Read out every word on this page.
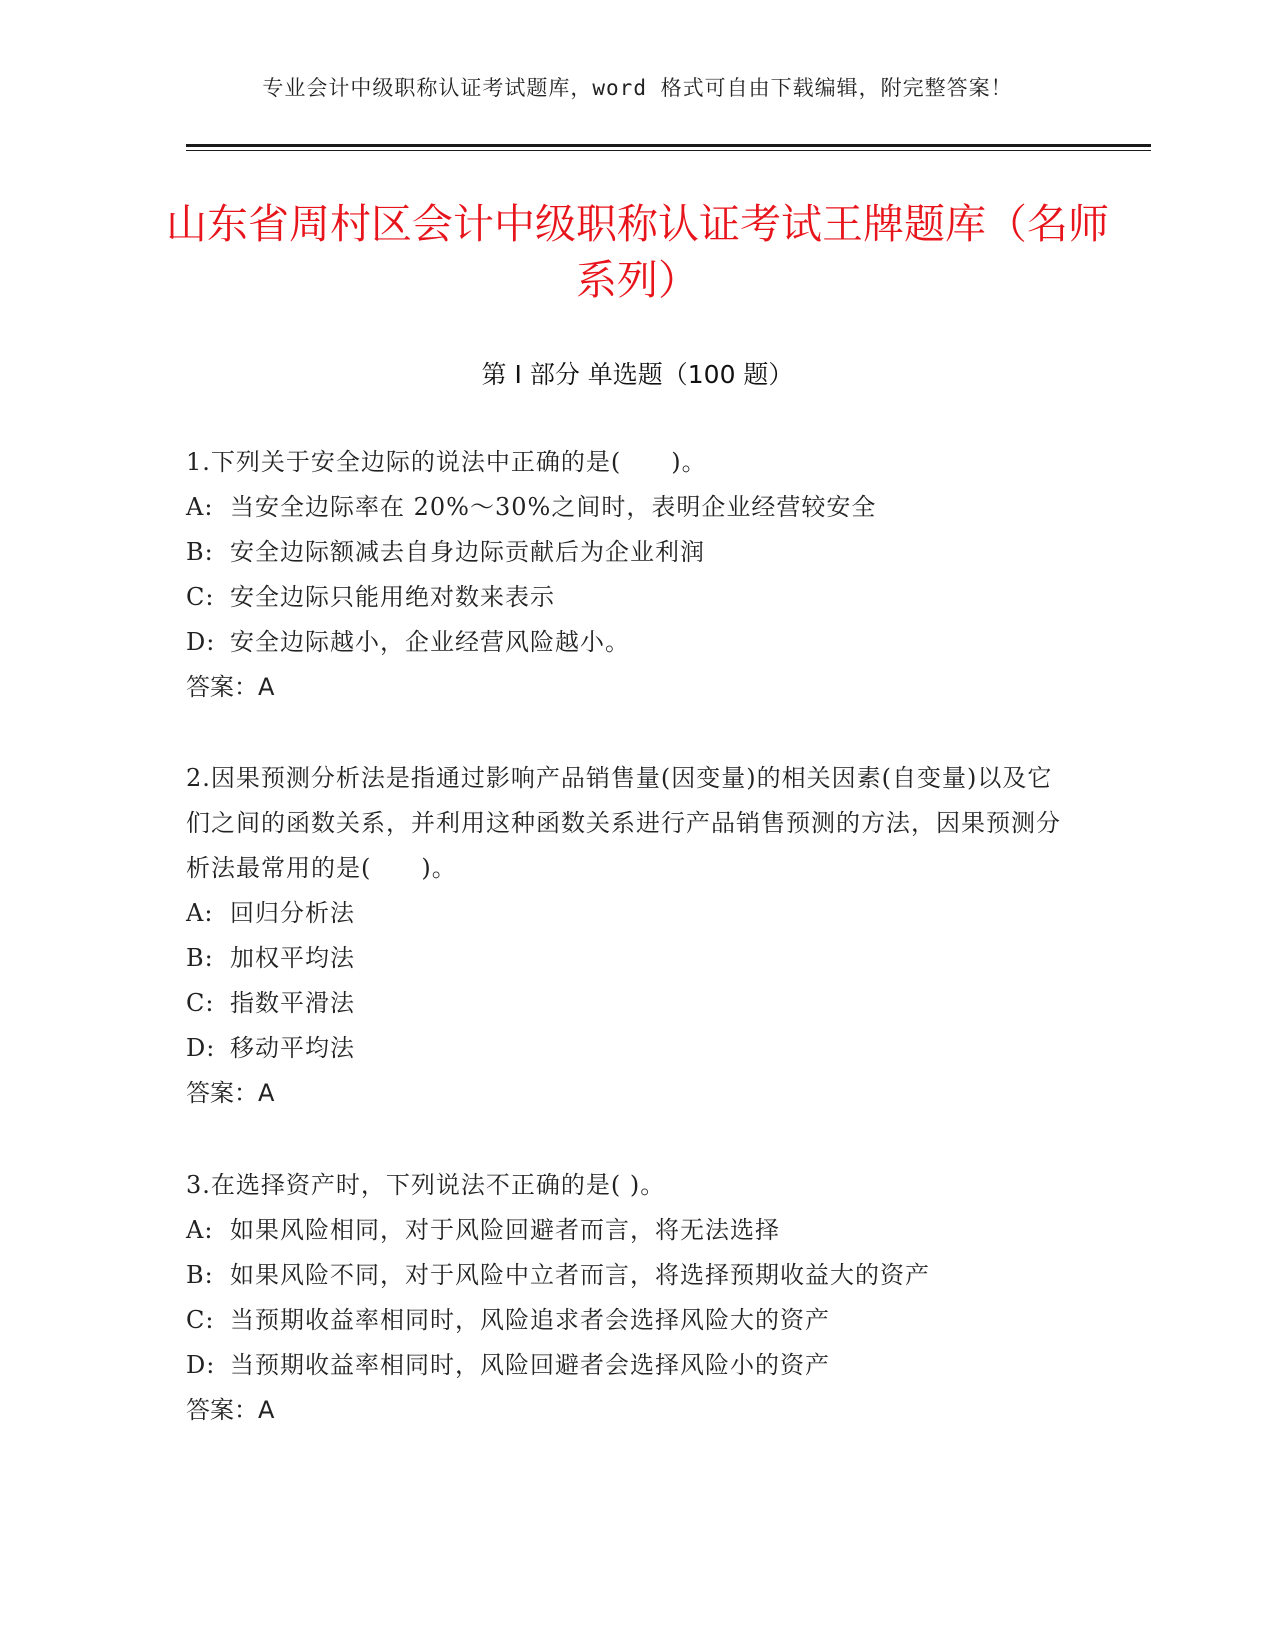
专业会计中级职称认证考试题库，word 格式可自由下载编辑，附完整答案！
山东省周村区会计中级职称认证考试王牌题库（名师系列）
第 I 部分 单选题（100 题）

1.下列关于安全边际的说法中正确的是(　　)。

A: 当安全边际率在 20%～30%之间时，表明企业经营较安全

B: 安全边际额减去自身边际贡献后为企业利润

C: 安全边际只能用绝对数来表示

D: 安全边际越小，企业经营风险越小。

答案：A

2.因果预测分析法是指通过影响产品销售量(因变量)的相关因素(自变量)以及它们之间的函数关系，并利用这种函数关系进行产品销售预测的方法，因果预测分析法最常用的是(　　)。

A: 回归分析法

B: 加权平均法

C: 指数平滑法

D: 移动平均法

答案：A

3.在选择资产时，下列说法不正确的是( )。

A: 如果风险相同，对于风险回避者而言，将无法选择

B: 如果风险不同，对于风险中立者而言，将选择预期收益大的资产

C: 当预期收益率相同时，风险追求者会选择风险大的资产

D: 当预期收益率相同时，风险回避者会选择风险小的资产

答案：A
